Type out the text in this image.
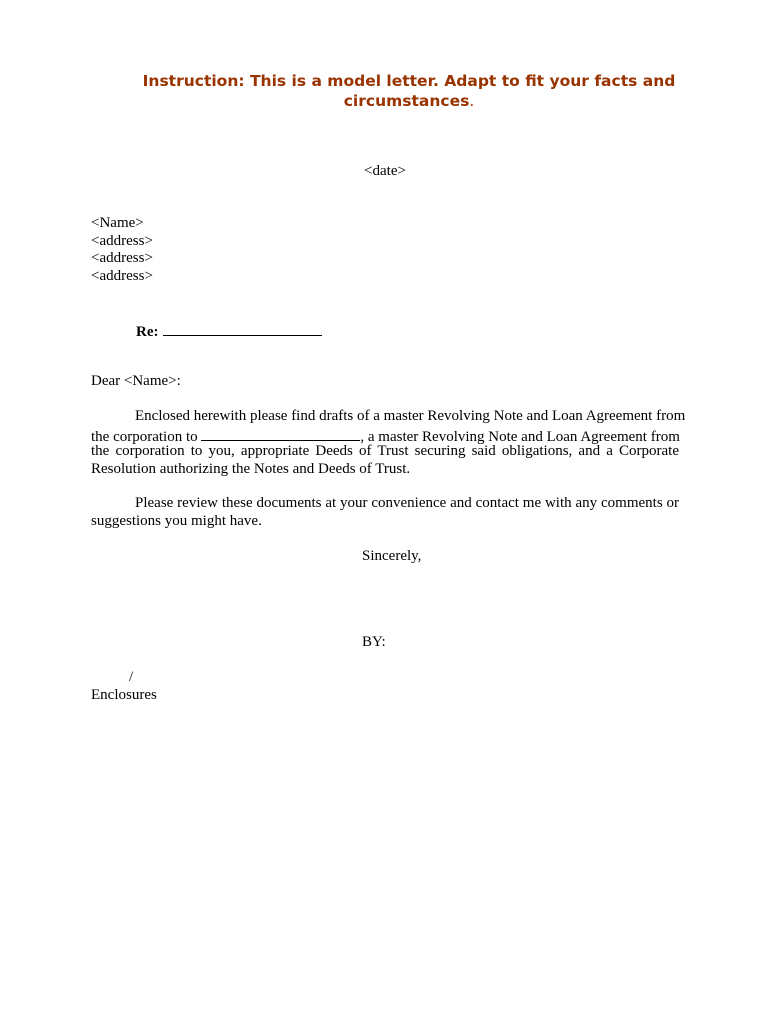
Instruction: This is a model letter. Adapt to fit your facts and circumstances.
<date>
<Name>
<address>
<address>
<address>
Re:
Dear <Name>:
Enclosed herewith please find drafts of a master Revolving Note and Loan Agreement from
the corporation to	, a master Revolving Note and Loan Agreement from
the corporation to you, appropriate Deeds of Trust securing said obligations, and a Corporate
Resolution authorizing the Notes and Deeds of Trust.
Please review these documents at your convenience and contact me with any comments or
suggestions you might have.
Sincerely,
BY:
/
Enclosures
